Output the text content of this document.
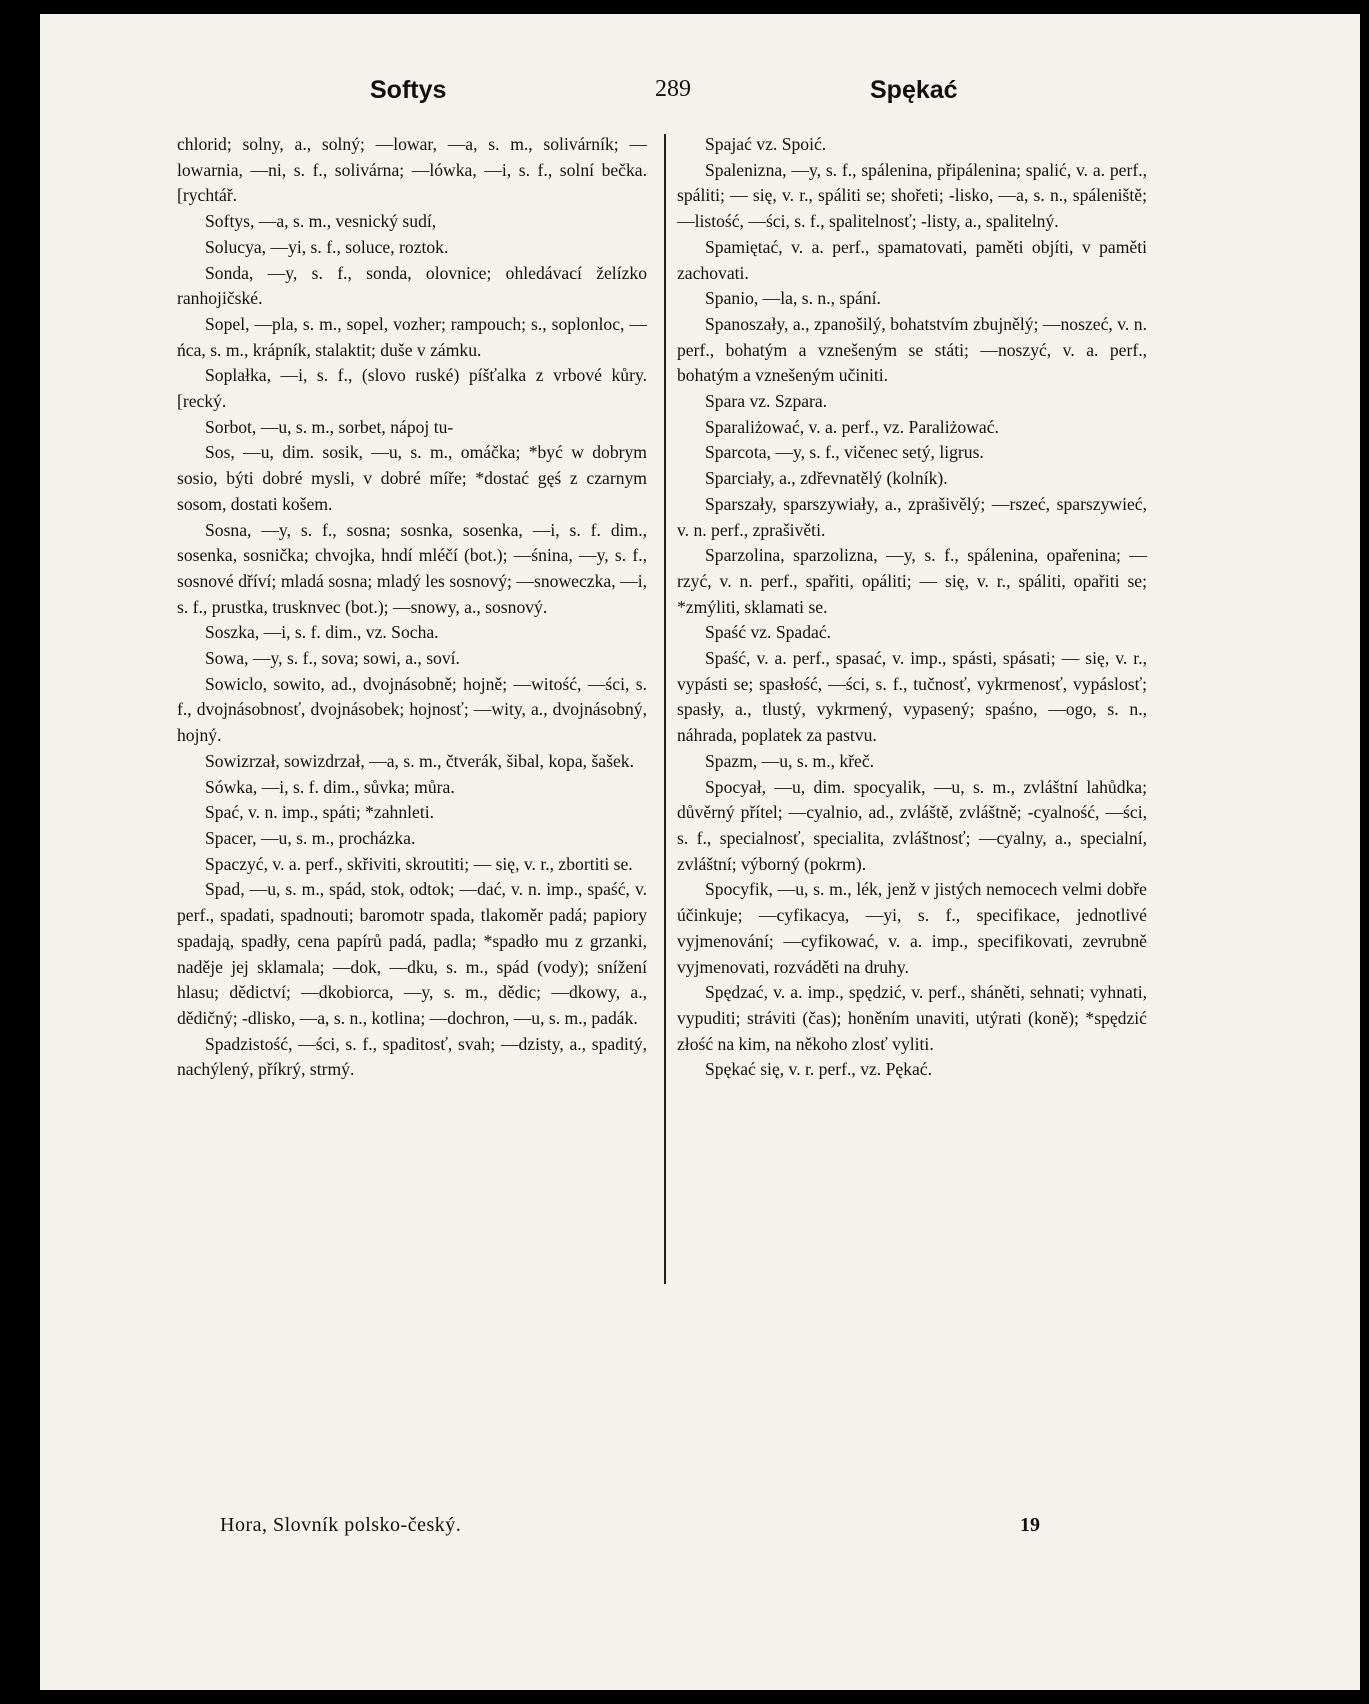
Softys	289	Spękać

chlorid; solny, a., solný; —lowar, —a, s. m., solivárník; —lowarnia, —ni, s. f., solivárna; —lówka, —i, s. f., solní bečka. [rychtář.

Softys, —a, s. m., vesnický sudí,

Solucya, —yi, s. f., soluce, roztok.

Sonda, —y, s. f., sonda, olovnice; ohledávací želízko ranhojičské.

Sopel, —pla, s. m., sopel, vozher; rampouch; s., soplonloc, —ńca, s. m., krápník, stalaktit; duše v zámku.

Soplałka, —i, s. f., (slovo ruské) píšťalka z vrbové kůry. [recký.

Sorbot, —u, s. m., sorbet, nápoj tu-

Sos, —u, dim. sosik, —u, s. m., omáčka; *być w dobrym sosio, býti dobré mysli, v dobré míře; *dostać gęś z czarnym sosom, dostati košem.

Sosna, —y, s. f., sosna; sosnka, sosenka, —i, s. f. dim., sosenka, sosnička; chvojka, hndí mléčí (bot.); —śnina, —y, s. f., sosnové dříví; mladá sosna; mladý les sosnový; —snoweczka, —i, s. f., prustka, trusknvec (bot.); —snowy, a., sosnový.

Soszka, —i, s. f. dim., vz. Socha.

Sowa, —y, s. f., sova; sowi, a., soví.

Sowiclo, sowito, ad., dvojnásobně; hojně; —witość, —ści, s. f., dvojnásobnosť, dvojnásobek; hojnosť; —wity, a., dvojnásobný, hojný.

Sowizrzał, sowizdrzał, —a, s. m., čtverák, šibal, kopa, šašek.

Sówka, —i, s. f. dim., sůvka; můra.

Spać, v. n. imp., spáti; *zahnleti.

Spacer, —u, s. m., procházka.

Spaczyć, v. a. perf., skřiviti, skroutiti; — się, v. r., zbortiti se.

Spad, —u, s. m., spád, stok, odtok; —dać, v. n. imp., spaść, v. perf., spadati, spadnouti; baromotr spada, tlakoměr padá; papiory spadają, spadły, cena papírů padá, padla; *spadło mu z grzanki, naděje jej sklamala; —dok, —dku, s. m., spád (vody); snížení hlasu; dědictví; —dkobiorca, —y, s. m., dědic; —dkowy, a., dědičný; -dlisko, —a, s. n., kotlina; —dochron, —u, s. m., padák.

Spadzistość, —ści, s. f., spaditosť, svah; —dzisty, a., spaditý, nachýlený, příkrý, strmý.

Spajać vz. Spoić.

Spalenizna, —y, s. f., spálenina, připálenina; spalić, v. a. perf., spáliti; — się, v. r., spáliti se; shořeti; -lisko, —a, s. n., spáleniště; —listość, —ści, s. f., spalitelnosť; -listy, a., spalitelný.

Spamiętać, v. a. perf., spamatovati, paměti objíti, v paměti zachovati.

Spanio, —la, s. n., spání.

Spanoszały, a., zpanošilý, bohatstvím zbujnělý; —noszeć, v. n. perf., bohatým a vznešeným se státi; —noszyć, v. a. perf., bohatým a vznešeným učiniti.

Spara vz. Szpara.

Sparaliżować, v. a. perf., vz. Paraliżować.

Sparcota, —y, s. f., vičenec setý, ligrus.

Sparciały, a., zdřevnatělý (kolník).

Sparszały, sparszywiały, a., zprašivělý; —rszeć, sparszywieć, v. n. perf., zprašivěti.

Sparzolina, sparzolizna, —y, s. f., spálenina, opařenina; —rzyć, v. n. perf., spařiti, opáliti; — się, v. r., spáliti, opařiti se; *zmýliti, sklamati se.

Spaść vz. Spadać.

Spaść, v. a. perf., spasać, v. imp., spásti, spásati; — się, v. r., vypásti se; spasłość, —ści, s. f., tučnosť, vykrmenosť, vypáslosť; spasły, a., tlustý, vykrmený, vypasený; spaśno, —ogo, s. n., náhrada, poplatek za pastvu.

Spazm, —u, s. m., křeč.

Spocyał, —u, dim. spocyalik, —u, s. m., zvláštní lahůdka; důvěrný přítel; —cyalnio, ad., zvláště, zvláštně; -cyalność, —ści, s. f., specialnosť, specialita, zvláštnosť; —cyalny, a., specialní, zvláštní; výborný (pokrm).

Spocyfik, —u, s. m., lék, jenž v jistých nemocech velmi dobře účinkuje; —cyfikacya, —yi, s. f., specifikace, jednotlivé vyjmenování; —cyfikować, v. a. imp., specifikovati, zevrubně vyjmenovati, rozváděti na druhy.

Spędzać, v. a. imp., spędzić, v. perf., sháněti, sehnati; vyhnati, vypuditi; stráviti (čas); honěním unaviti, utýrati (koně); *spędzić złość na kim, na někoho zlosť vyliti.

Spękać się, v. r. perf., vz. Pękać.

Hora, Slovník polsko-český.	19
